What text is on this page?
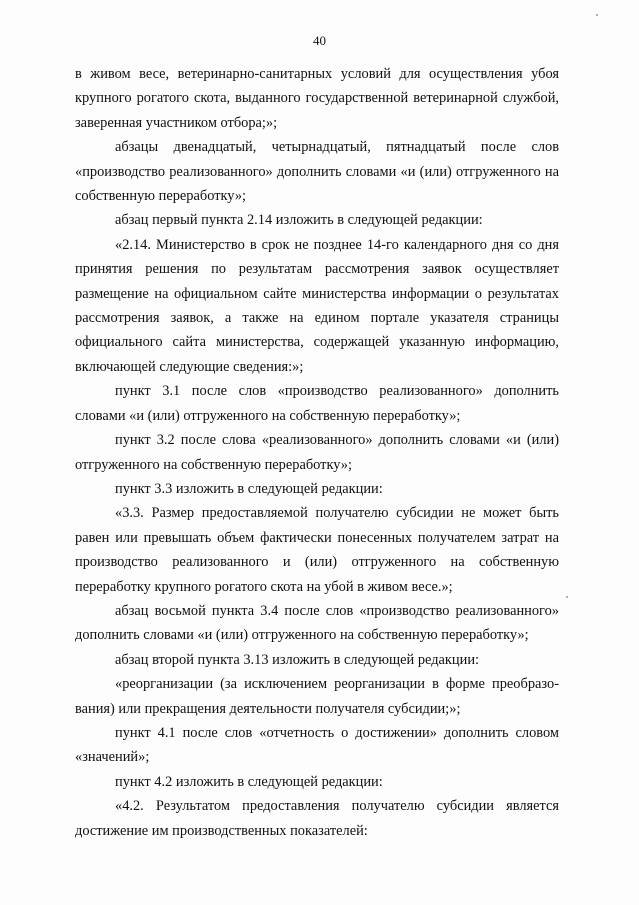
40

в живом весе, ветеринарно-санитарных условий для осуществления убоя крупного рогатого скота, выданного государственной ветеринарной службой, заверенная участником отбора;»;

абзацы двенадцатый, четырнадцатый, пятнадцатый после слов «производство реализованного» дополнить словами «и (или) отгруженного на собственную переработку»;

абзац первый пункта 2.14 изложить в следующей редакции:

«2.14. Министерство в срок не позднее 14-го календарного дня со дня принятия решения по результатам рассмотрения заявок осуществляет размещение на официальном сайте министерства информации о результатах рассмотрения заявок, а также на едином портале указателя страницы официального сайта министерства, содержащей указанную информацию, включающей следующие сведения:»;

пункт 3.1 после слов «производство реализованного» дополнить словами «и (или) отгруженного на собственную переработку»;

пункт 3.2 после слова «реализованного» дополнить словами «и (или) отгруженного на собственную переработку»;

пункт 3.3 изложить в следующей редакции:

«3.3. Размер предоставляемой получателю субсидии не может быть равен или превышать объем фактически понесенных получателем затрат на производство реализованного и (или) отгруженного на собственную переработку крупного рогатого скота на убой в живом весе.»;

абзац восьмой пункта 3.4 после слов «производство реализованного» дополнить словами «и (или) отгруженного на собственную переработку»;

абзац второй пункта 3.13 изложить в следующей редакции:

«реорганизации (за исключением реорганизации в форме преобразования) или прекращения деятельности получателя субсидии;»;

пункт 4.1 после слов «отчетность о достижении» дополнить словом «значений»;

пункт 4.2 изложить в следующей редакции:

«4.2. Результатом предоставления получателю субсидии является достижение им производственных показателей:
